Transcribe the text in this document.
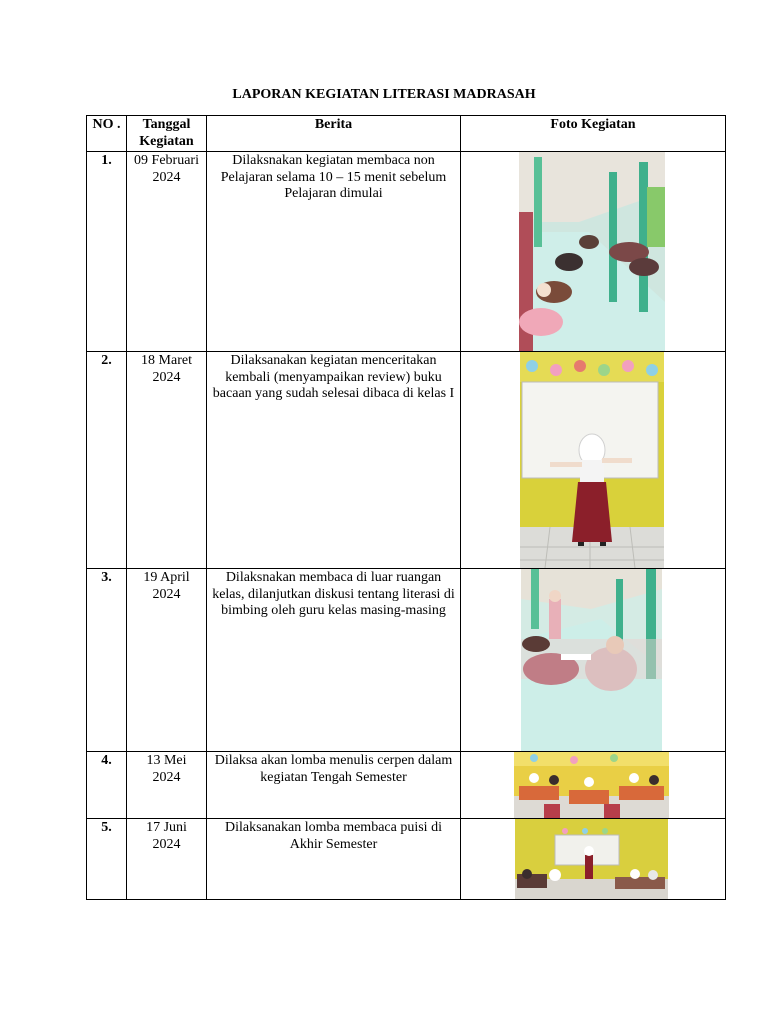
LAPORAN KEGIATAN LITERASI MADRASAH
NO .	Tanggal Kegiatan	Berita	Foto Kegiatan
1.	09 Februari 2024	Dilaksnakan kegiatan membaca non Pelajaran selama 10 – 15 menit sebelum Pelajaran dimulai	

2.	18 Maret 2024	Dilaksanakan kegiatan menceritakan kembali (menyampaikan review) buku bacaan yang sudah selesai dibaca di kelas I	

3.	19 April 2024	Dilaksnakan membaca di luar ruangan kelas, dilanjutkan diskusi tentang literasi di bimbing oleh guru kelas masing-masing	

4.	13 Mei 2024	Dilaksa akan lomba menulis cerpen dalam kegiatan Tengah Semester	

5.	17 Juni 2024	Dilaksanakan lomba membaca puisi di Akhir Semester	
